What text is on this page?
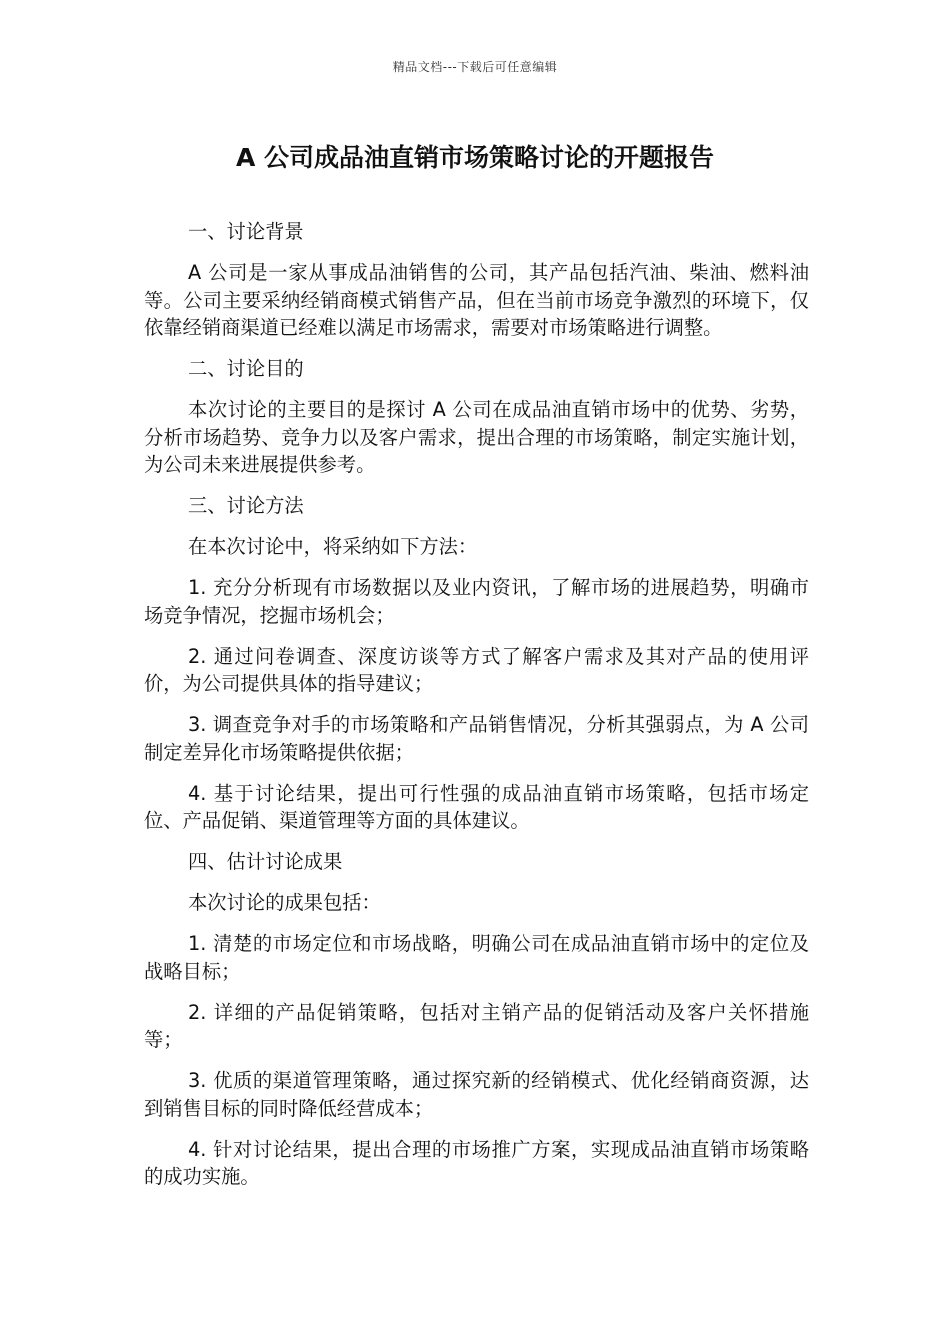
精品文档---下载后可任意编辑
A 公司成品油直销市场策略讨论的开题报告

一、讨论背景

A 公司是一家从事成品油销售的公司，其产品包括汽油、柴油、燃料油等。公司主要采纳经销商模式销售产品，但在当前市场竞争激烈的环境下，仅依靠经销商渠道已经难以满足市场需求，需要对市场策略进行调整。

二、讨论目的

本次讨论的主要目的是探讨 A 公司在成品油直销市场中的优势、劣势，分析市场趋势、竞争力以及客户需求，提出合理的市场策略，制定实施计划，为公司未来进展提供参考。

三、讨论方法

在本次讨论中，将采纳如下方法：

1. 充分分析现有市场数据以及业内资讯，了解市场的进展趋势，明确市场竞争情况，挖掘市场机会；

2. 通过问卷调查、深度访谈等方式了解客户需求及其对产品的使用评价，为公司提供具体的指导建议；

3. 调查竞争对手的市场策略和产品销售情况，分析其强弱点，为 A 公司制定差异化市场策略提供依据；

4. 基于讨论结果，提出可行性强的成品油直销市场策略，包括市场定位、产品促销、渠道管理等方面的具体建议。

四、估计讨论成果

本次讨论的成果包括：

1. 清楚的市场定位和市场战略，明确公司在成品油直销市场中的定位及战略目标；

2. 详细的产品促销策略，包括对主销产品的促销活动及客户关怀措施等；

3. 优质的渠道管理策略，通过探究新的经销模式、优化经销商资源，达到销售目标的同时降低经营成本；

4. 针对讨论结果，提出合理的市场推广方案，实现成品油直销市场策略的成功实施。
